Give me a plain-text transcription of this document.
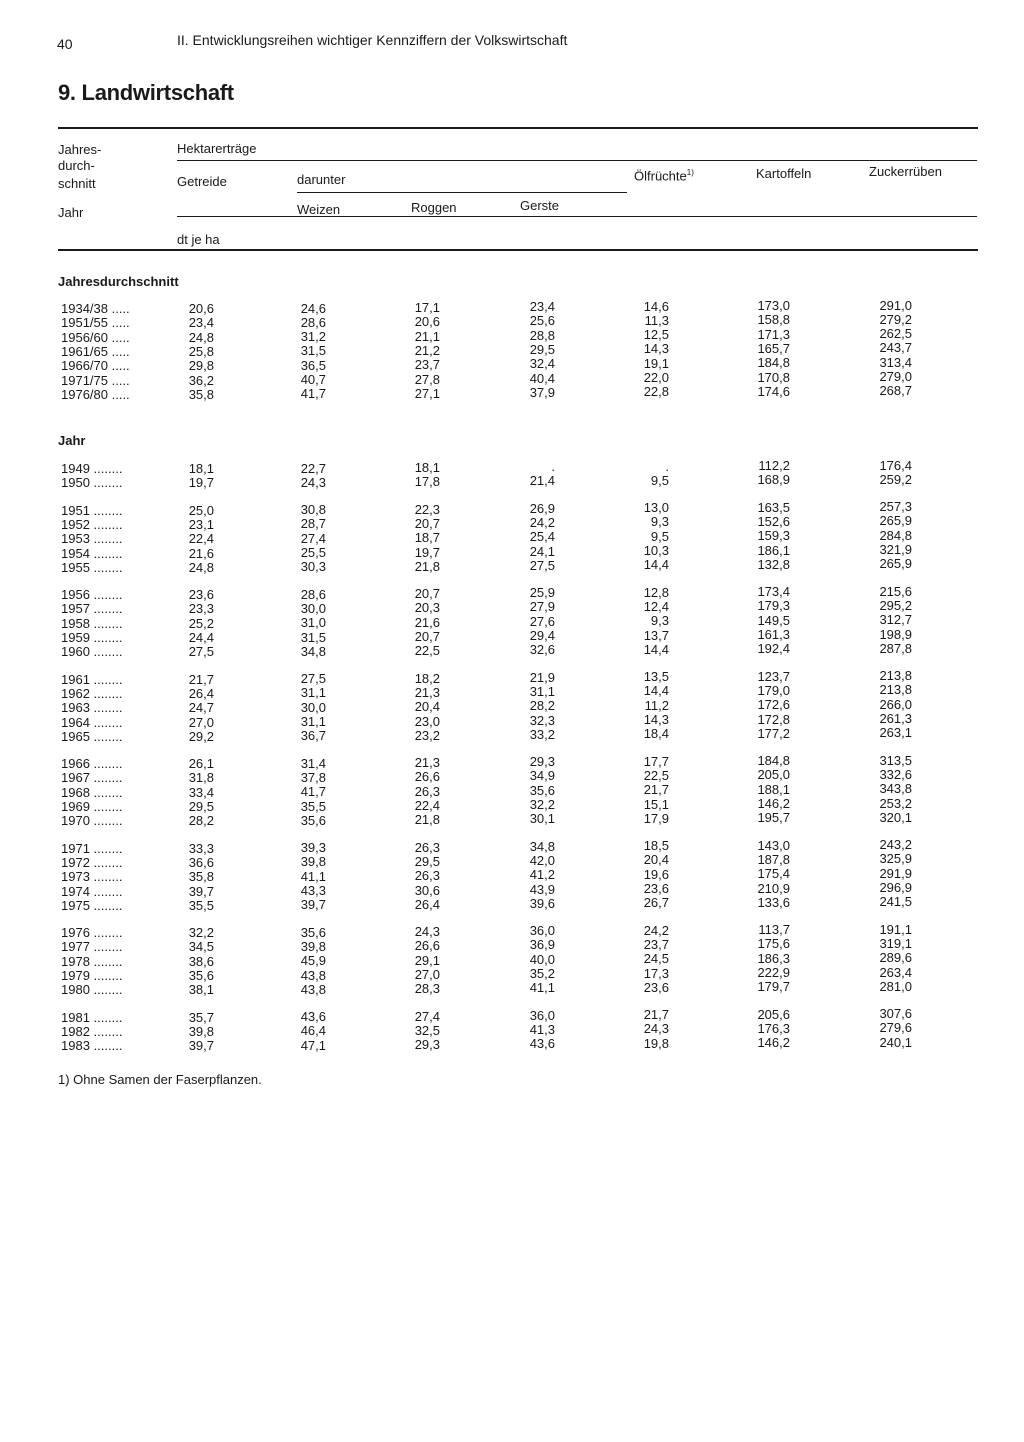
40	II. Entwicklungsreihen wichtiger Kennziffern der Volkswirtschaft
9. Landwirtschaft
Jahres-
durch-
schnitt
Jahr
Hektarerträge
Getreide	darunter
Weizen	Roggen	Gerste
Ölfrüchte$^{1)}$	Kartoffeln	Zuckerrüben
dt je ha
Jahresdurchschnitt
1934/38 .....	20,6	24,6	17,1	23,4	14,6	173,0	291,0
1951/55 .....	23,4	28,6	20,6	25,6	11,3	158,8	279,2
1956/60 .....	24,8	31,2	21,1	28,8	12,5	171,3	262,5
1961/65 .....	25,8	31,5	21,2	29,5	14,3	165,7	243,7
1966/70 .....	29,8	36,5	23,7	32,4	19,1	184,8	313,4
1971/75 .....	36,2	40,7	27,8	40,4	22,0	170,8	279,0
1976/80 .....	35,8	41,7	27,1	37,9	22,8	174,6	268,7
Jahr
1949 ........	18,1	22,7	18,1	.	.	112,2	176,4
1950 ........	19,7	24,3	17,8	21,4	9,5	168,9	259,2
1951 ........	25,0	30,8	22,3	26,9	13,0	163,5	257,3
1952 ........	23,1	28,7	20,7	24,2	9,3	152,6	265,9
1953 ........	22,4	27,4	18,7	25,4	9,5	159,3	284,8
1954 ........	21,6	25,5	19,7	24,1	10,3	186,1	321,9
1955 ........	24,8	30,3	21,8	27,5	14,4	132,8	265,9
1956 ........	23,6	28,6	20,7	25,9	12,8	173,4	215,6
1957 ........	23,3	30,0	20,3	27,9	12,4	179,3	295,2
1958 ........	25,2	31,0	21,6	27,6	9,3	149,5	312,7
1959 ........	24,4	31,5	20,7	29,4	13,7	161,3	198,9
1960 ........	27,5	34,8	22,5	32,6	14,4	192,4	287,8
1961 ........	21,7	27,5	18,2	21,9	13,5	123,7	213,8
1962 ........	26,4	31,1	21,3	31,1	14,4	179,0	213,8
1963 ........	24,7	30,0	20,4	28,2	11,2	172,6	266,0
1964 ........	27,0	31,1	23,0	32,3	14,3	172,8	261,3
1965 ........	29,2	36,7	23,2	33,2	18,4	177,2	263,1
1966 ........	26,1	31,4	21,3	29,3	17,7	184,8	313,5
1967 ........	31,8	37,8	26,6	34,9	22,5	205,0	332,6
1968 ........	33,4	41,7	26,3	35,6	21,7	188,1	343,8
1969 ........	29,5	35,5	22,4	32,2	15,1	146,2	253,2
1970 ........	28,2	35,6	21,8	30,1	17,9	195,7	320,1
1971 ........	33,3	39,3	26,3	34,8	18,5	143,0	243,2
1972 ........	36,6	39,8	29,5	42,0	20,4	187,8	325,9
1973 ........	35,8	41,1	26,3	41,2	19,6	175,4	291,9
1974 ........	39,7	43,3	30,6	43,9	23,6	210,9	296,9
1975 ........	35,5	39,7	26,4	39,6	26,7	133,6	241,5
1976 ........	32,2	35,6	24,3	36,0	24,2	113,7	191,1
1977 ........	34,5	39,8	26,6	36,9	23,7	175,6	319,1
1978 ........	38,6	45,9	29,1	40,0	24,5	186,3	289,6
1979 ........	35,6	43,8	27,0	35,2	17,3	222,9	263,4
1980 ........	38,1	43,8	28,3	41,1	23,6	179,7	281,0
1981 ........	35,7	43,6	27,4	36,0	21,7	205,6	307,6
1982 ........	39,8	46,4	32,5	41,3	24,3	176,3	279,6
1983 ........	39,7	47,1	29,3	43,6	19,8	146,2	240,1
1) Ohne Samen der Faserpflanzen.
